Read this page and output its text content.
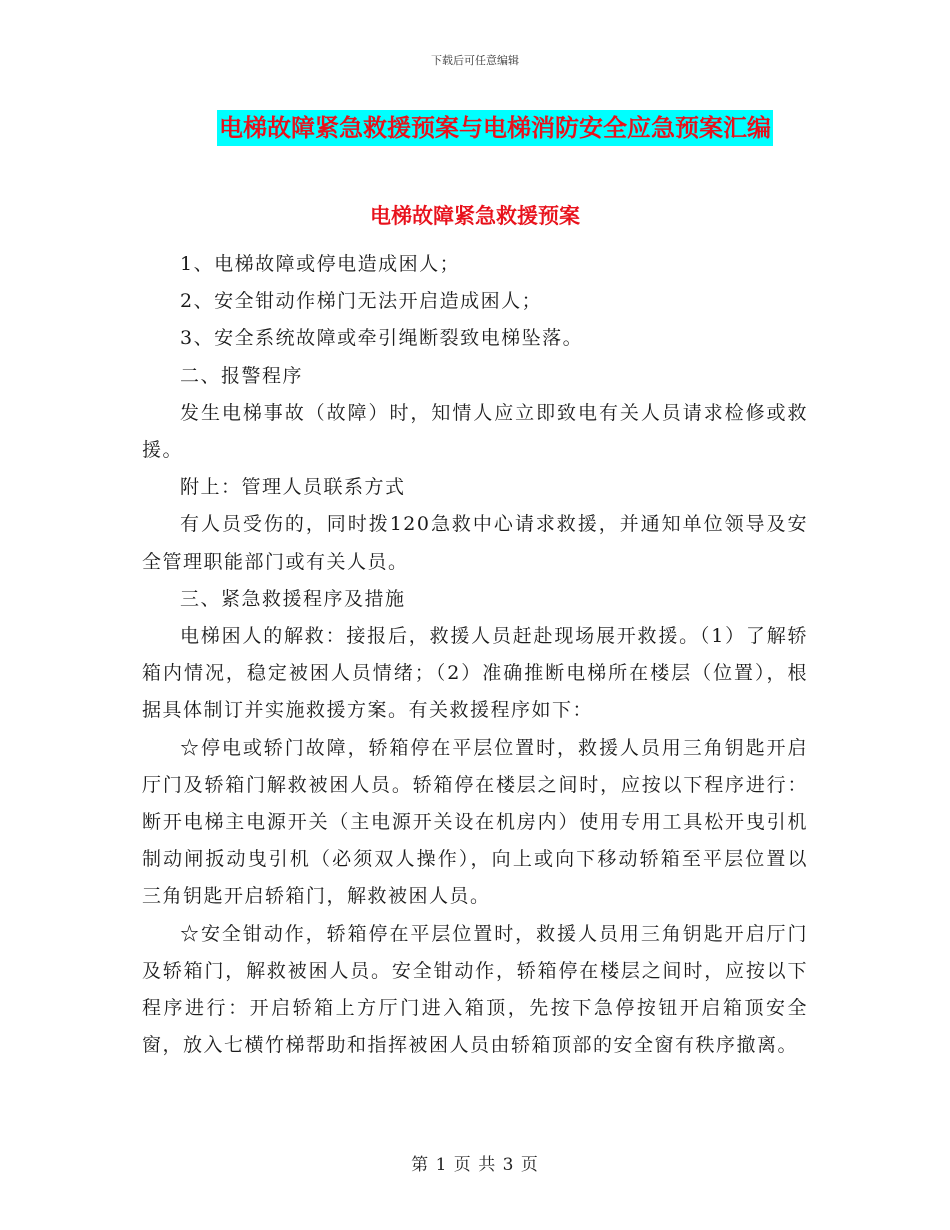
下载后可任意编辑
电梯故障紧急救援预案与电梯消防安全应急预案汇编
电梯故障紧急救援预案

1、电梯故障或停电造成困人；

2、安全钳动作梯门无法开启造成困人；

3、安全系统故障或牵引绳断裂致电梯坠落。

二、报警程序

发生电梯事故（故障）时，知情人应立即致电有关人员请求检修或救援。

附上：管理人员联系方式

有人员受伤的，同时拨120急救中心请求救援，并通知单位领导及安全管理职能部门或有关人员。

三、紧急救援程序及措施

电梯困人的解救：接报后，救援人员赶赴现场展开救援。（1）了解轿箱内情况，稳定被困人员情绪；（2）准确推断电梯所在楼层（位置），根据具体制订并实施救援方案。有关救援程序如下：

☆停电或轿门故障，轿箱停在平层位置时，救援人员用三角钥匙开启厅门及轿箱门解救被困人员。轿箱停在楼层之间时，应按以下程序进行：断开电梯主电源开关（主电源开关设在机房内）使用专用工具松开曳引机制动闸扳动曳引机（必须双人操作），向上或向下移动轿箱至平层位置以三角钥匙开启轿箱门，解救被困人员。

☆安全钳动作，轿箱停在平层位置时，救援人员用三角钥匙开启厅门及轿箱门，解救被困人员。安全钳动作，轿箱停在楼层之间时，应按以下程序进行：开启轿箱上方厅门进入箱顶，先按下急停按钮开启箱顶安全窗，放入七横竹梯帮助和指挥被困人员由轿箱顶部的安全窗有秩序撤离。

第 1 页 共 3 页
